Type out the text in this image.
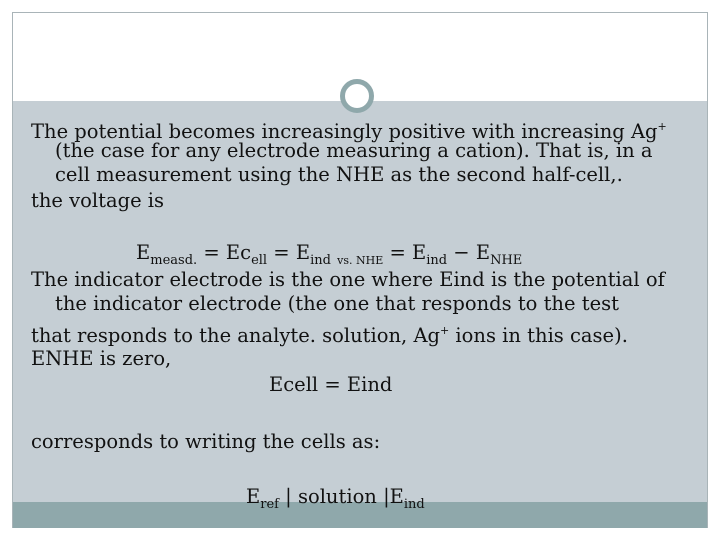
The potential becomes increasingly positive with increasing Ag+
(the case for any electrode measuring a cation). That is, in a
cell measurement using the NHE as the second half-cell,.
the voltage is
$E_{measd.} = Ec_{ell} = E_{ind}$ $_{vs. NHE} = E_{ind} - E_{NHE}$
The indicator electrode is the one where Eind is the potential of
the indicator electrode (the one that responds to the test
that responds to the analyte. solution, Ag+ ions in this case).
ENHE is zero,
Ecell = Eind
corresponds to writing the cells as:
$E_{ref}$ | solution $|E_{ind}$
